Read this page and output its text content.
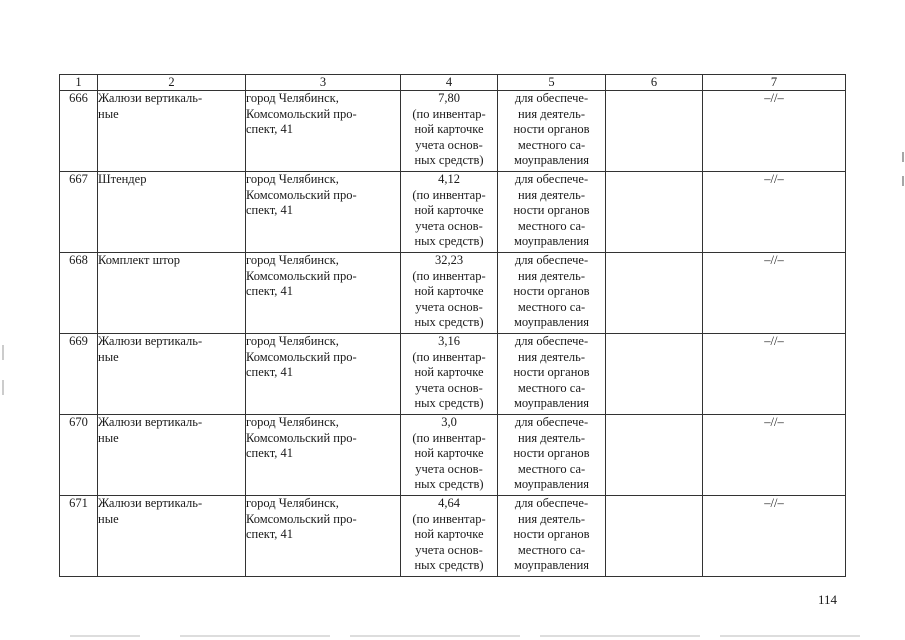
1	2	3	4	5	6	7
666	Жалюзи вертикаль-
ные	город Челябинск,
Комсомольский про-
спект, 41	7,80
(по инвентар-
ной карточке
учета основ-
ных средств)	для обеспече-
ния деятель-
ности органов
местного са-
моуправления		–//–
667	Штендер	город Челябинск,
Комсомольский про-
спект, 41	4,12
(по инвентар-
ной карточке
учета основ-
ных средств)	для обеспече-
ния деятель-
ности органов
местного са-
моуправления		–//–
668	Комплект штор	город Челябинск,
Комсомольский про-
спект, 41	32,23
(по инвентар-
ной карточке
учета основ-
ных средств)	для обеспече-
ния деятель-
ности органов
местного са-
моуправления		–//–
669	Жалюзи вертикаль-
ные	город Челябинск,
Комсомольский про-
спект, 41	3,16
(по инвентар-
ной карточке
учета основ-
ных средств)	для обеспече-
ния деятель-
ности органов
местного са-
моуправления		–//–
670	Жалюзи вертикаль-
ные	город Челябинск,
Комсомольский про-
спект, 41	3,0
(по инвентар-
ной карточке
учета основ-
ных средств)	для обеспече-
ния деятель-
ности органов
местного са-
моуправления		–//–
671	Жалюзи вертикаль-
ные	город Челябинск,
Комсомольский про-
спект, 41	4,64
(по инвентар-
ной карточке
учета основ-
ных средств)	для обеспече-
ния деятель-
ности органов
местного са-
моуправления		–//–
114
